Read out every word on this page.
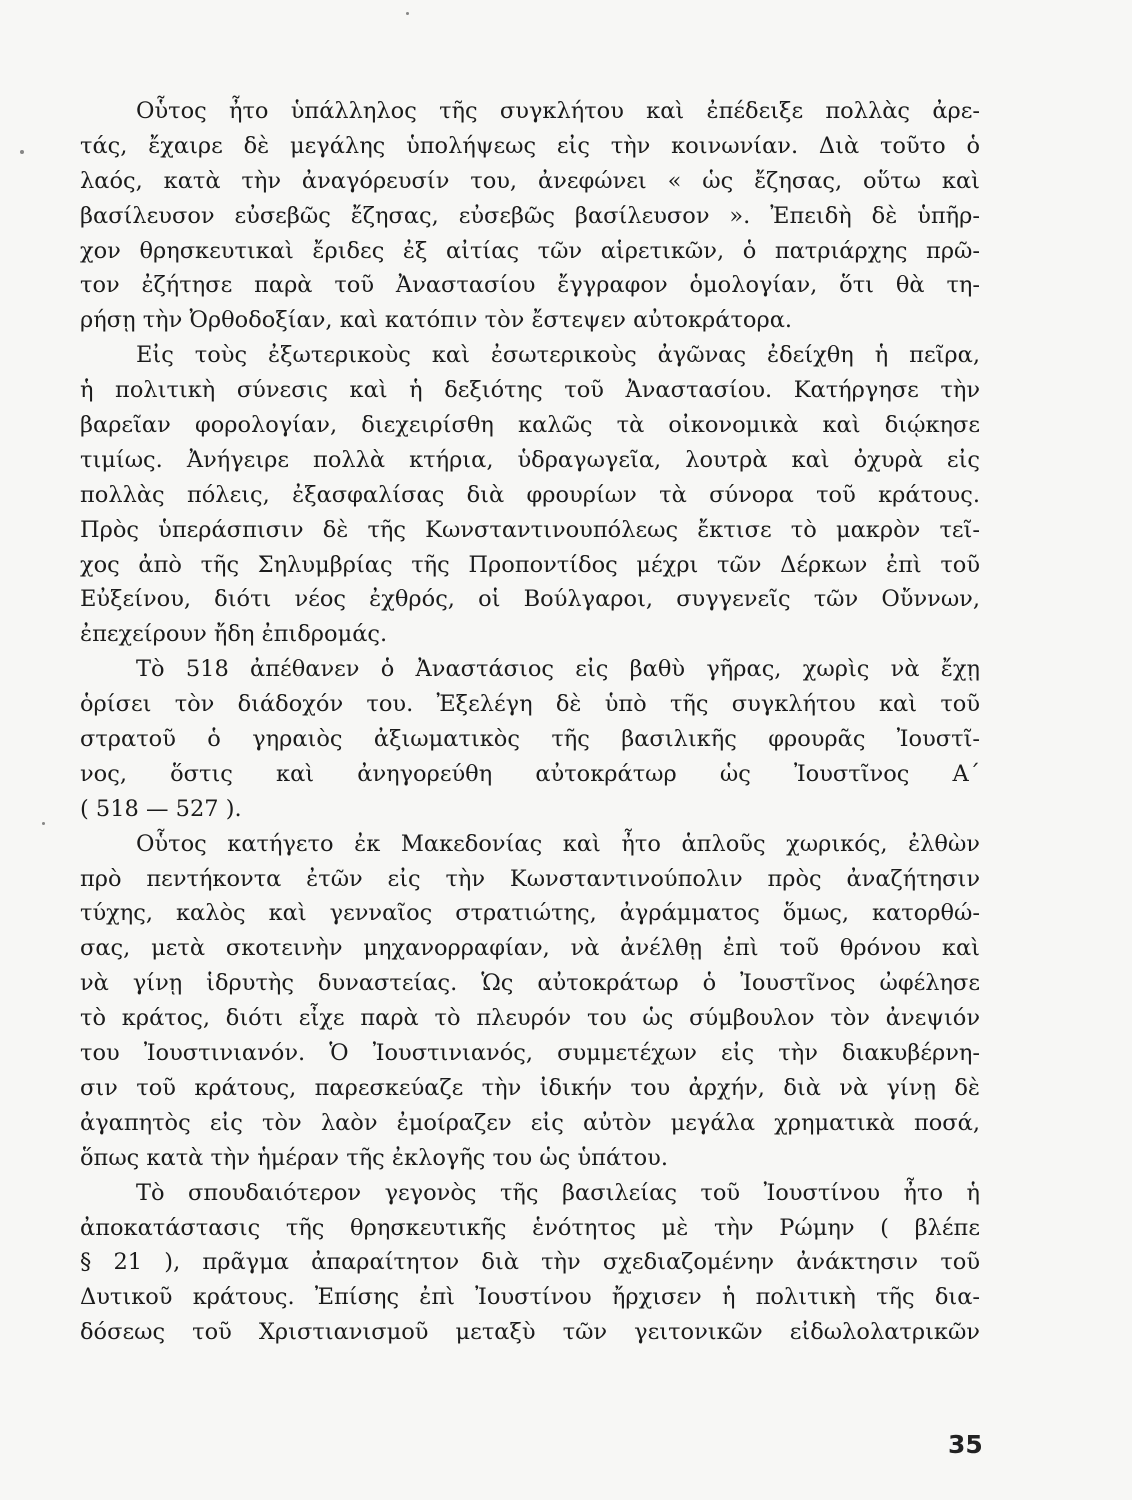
Οὗτος ἦτο ὑπάλληλος τῆς συγκλήτου καὶ ἐπέδειξε πολλὰς ἀρε-
τάς, ἔχαιρε δὲ μεγάλης ὑπολήψεως εἰς τὴν κοινωνίαν. Διὰ τοῦτο ὁ
λαός, κατὰ τὴν ἀναγόρευσίν του, ἀνεφώνει « ὡς ἔζησας, οὕτω καὶ
βασίλευσον εὐσεβῶς ἔζησας, εὐσεβῶς βασίλευσον ». Ἐπειδὴ δὲ ὑπῆρ-
χον θρησκευτικαὶ ἔριδες ἐξ αἰτίας τῶν αἱρετικῶν, ὁ πατριάρχης πρῶ-
τον ἐζήτησε παρὰ τοῦ Ἀναστασίου ἔγγραφον ὁμολογίαν, ὅτι θὰ τη-
ρήσῃ τὴν Ὀρθοδοξίαν, καὶ κατόπιν τὸν ἔστεψεν αὐτοκράτορα.
Εἰς τοὺς ἐξωτερικοὺς καὶ ἐσωτερικοὺς ἀγῶνας ἐδείχθη ἡ πεῖρα,
ἡ πολιτικὴ σύνεσις καὶ ἡ δεξιότης τοῦ Ἀναστασίου. Κατήργησε τὴν
βαρεῖαν φορολογίαν, διεχειρίσθη καλῶς τὰ οἰκονομικὰ καὶ διῴκησε
τιμίως. Ἀνήγειρε πολλὰ κτήρια, ὑδραγωγεῖα, λουτρὰ καὶ ὀχυρὰ εἰς
πολλὰς πόλεις, ἐξασφαλίσας διὰ φρουρίων τὰ σύνορα τοῦ κράτους.
Πρὸς ὑπεράσπισιν δὲ τῆς Κωνσταντινουπόλεως ἔκτισε τὸ μακρὸν τεῖ-
χος ἀπὸ τῆς Σηλυμβρίας τῆς Προποντίδος μέχρι τῶν Δέρκων ἐπὶ τοῦ
Εὐξείνου, διότι νέος ἐχθρός, οἱ Βούλγαροι, συγγενεῖς τῶν Οὔννων,
ἐπεχείρουν ἤδη ἐπιδρομάς.
Τὸ 518 ἀπέθανεν ὁ Ἀναστάσιος εἰς βαθὺ γῆρας, χωρὶς νὰ ἔχῃ
ὁρίσει τὸν διάδοχόν του. Ἐξελέγη δὲ ὑπὸ τῆς συγκλήτου καὶ τοῦ
στρατοῦ ὁ γηραιὸς ἀξιωματικὸς τῆς βασιλικῆς φρουρᾶς Ἰουστῖ-
νος, ὅστις καὶ ἀνηγορεύθη αὐτοκράτωρ ὡς Ἰουστῖνος Α΄
( 518 — 527 ).
Οὗτος κατήγετο ἐκ Μακεδονίας καὶ ἦτο ἁπλοῦς χωρικός, ἐλθὼν
πρὸ πεντήκοντα ἐτῶν εἰς τὴν Κωνσταντινούπολιν πρὸς ἀναζήτησιν
τύχης, καλὸς καὶ γενναῖος στρατιώτης, ἀγράμματος ὅμως, κατορθώ-
σας, μετὰ σκοτεινὴν μηχανορραφίαν, νὰ ἀνέλθῃ ἐπὶ τοῦ θρόνου καὶ
νὰ γίνῃ ἱδρυτὴς δυναστείας. Ὡς αὐτοκράτωρ ὁ Ἰουστῖνος ὠφέλησε
τὸ κράτος, διότι εἶχε παρὰ τὸ πλευρόν του ὡς σύμβουλον τὸν ἀνεψιόν
του Ἰουστινιανόν. Ὁ Ἰουστινιανός, συμμετέχων εἰς τὴν διακυβέρνη-
σιν τοῦ κράτους, παρεσκεύαζε τὴν ἰδικήν του ἀρχήν, διὰ νὰ γίνῃ δὲ
ἀγαπητὸς εἰς τὸν λαὸν ἐμοίραζεν εἰς αὐτὸν μεγάλα χρηματικὰ ποσά,
ὅπως κατὰ τὴν ἡμέραν τῆς ἐκλογῆς του ὡς ὑπάτου.
Τὸ σπουδαιότερον γεγονὸς τῆς βασιλείας τοῦ Ἰουστίνου ἦτο ἡ
ἀποκατάστασις τῆς θρησκευτικῆς ἑνότητος μὲ τὴν Ρώμην ( βλέπε
§ 21 ), πρᾶγμα ἀπαραίτητον διὰ τὴν σχεδιαζομένην ἀνάκτησιν τοῦ
Δυτικοῦ κράτους. Ἐπίσης ἐπὶ Ἰουστίνου ἤρχισεν ἡ πολιτικὴ τῆς δια-
δόσεως τοῦ Χριστιανισμοῦ μεταξὺ τῶν γειτονικῶν εἰδωλολατρικῶν
35
